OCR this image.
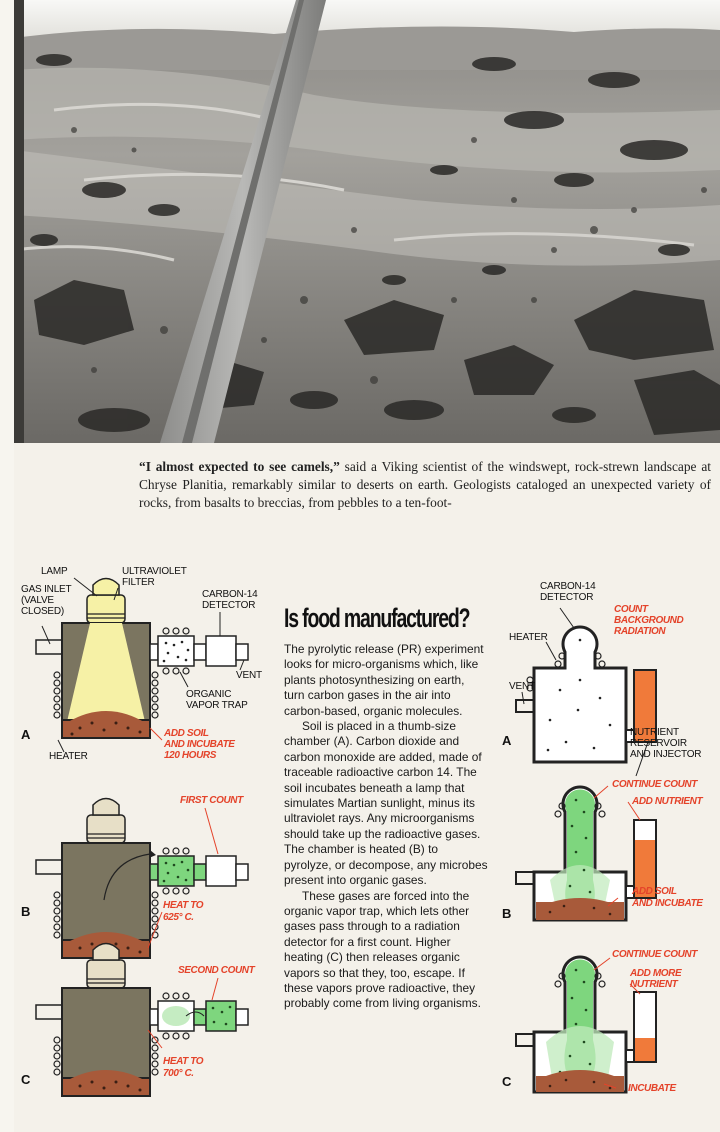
“I almost expected to see camels,” said a Viking scientist of the windswept, rock-strewn landscape at Chryse Planitia, remarkably similar to deserts on earth. Geologists cataloged an unexpected variety of rocks, from basalts to breccias, from pebbles to a ten-foot-

LAMP	ULTRAVIOLET
FILTER
GAS INLET
(VALVE
CLOSED)
CARBON-14
DETECTOR
VENT
ORGANIC
VAPOR TRAP
HEATER
A	ADD SOIL
AND INCUBATE
120 HOURS
FIRST COUNT
B	HEAT TO
625° C.
SECOND COUNT
C
HEAT TO
700° C.
Is food manufactured?

The pyrolytic release (PR) experiment looks for micro-organisms which, like plants photosynthesizing on earth, turn carbon gases in the air into carbon-based, organic molecules.

Soil is placed in a thumb-size chamber (A). Carbon dioxide and carbon monoxide are added, made of traceable radioactive carbon 14. The soil incubates beneath a lamp that simulates Martian sunlight, minus its ultraviolet rays. Any microorganisms should take up the radioactive gases. The chamber is heated (B) to pyrolyze, or decompose, any microbes present into organic gases.

These gases are forced into the organic vapor trap, which lets other gases pass through to a radiation detector for a first count. Higher heating (C) then releases organic vapors so that they, too, escape. If these vapors prove radioactive, they probably come from living organisms.

CARBON-14
DETECTOR
COUNT
BACKGROUND
RADIATION
HEATER
VENT
A
NUTRIENT
RESERVOIR
AND INJECTOR
CONTINUE COUNT
ADD NUTRIENT
ADD SOIL
AND INCUBATE
B
CONTINUE COUNT
ADD MORE
NUTRIENT
C	INCUBATE
